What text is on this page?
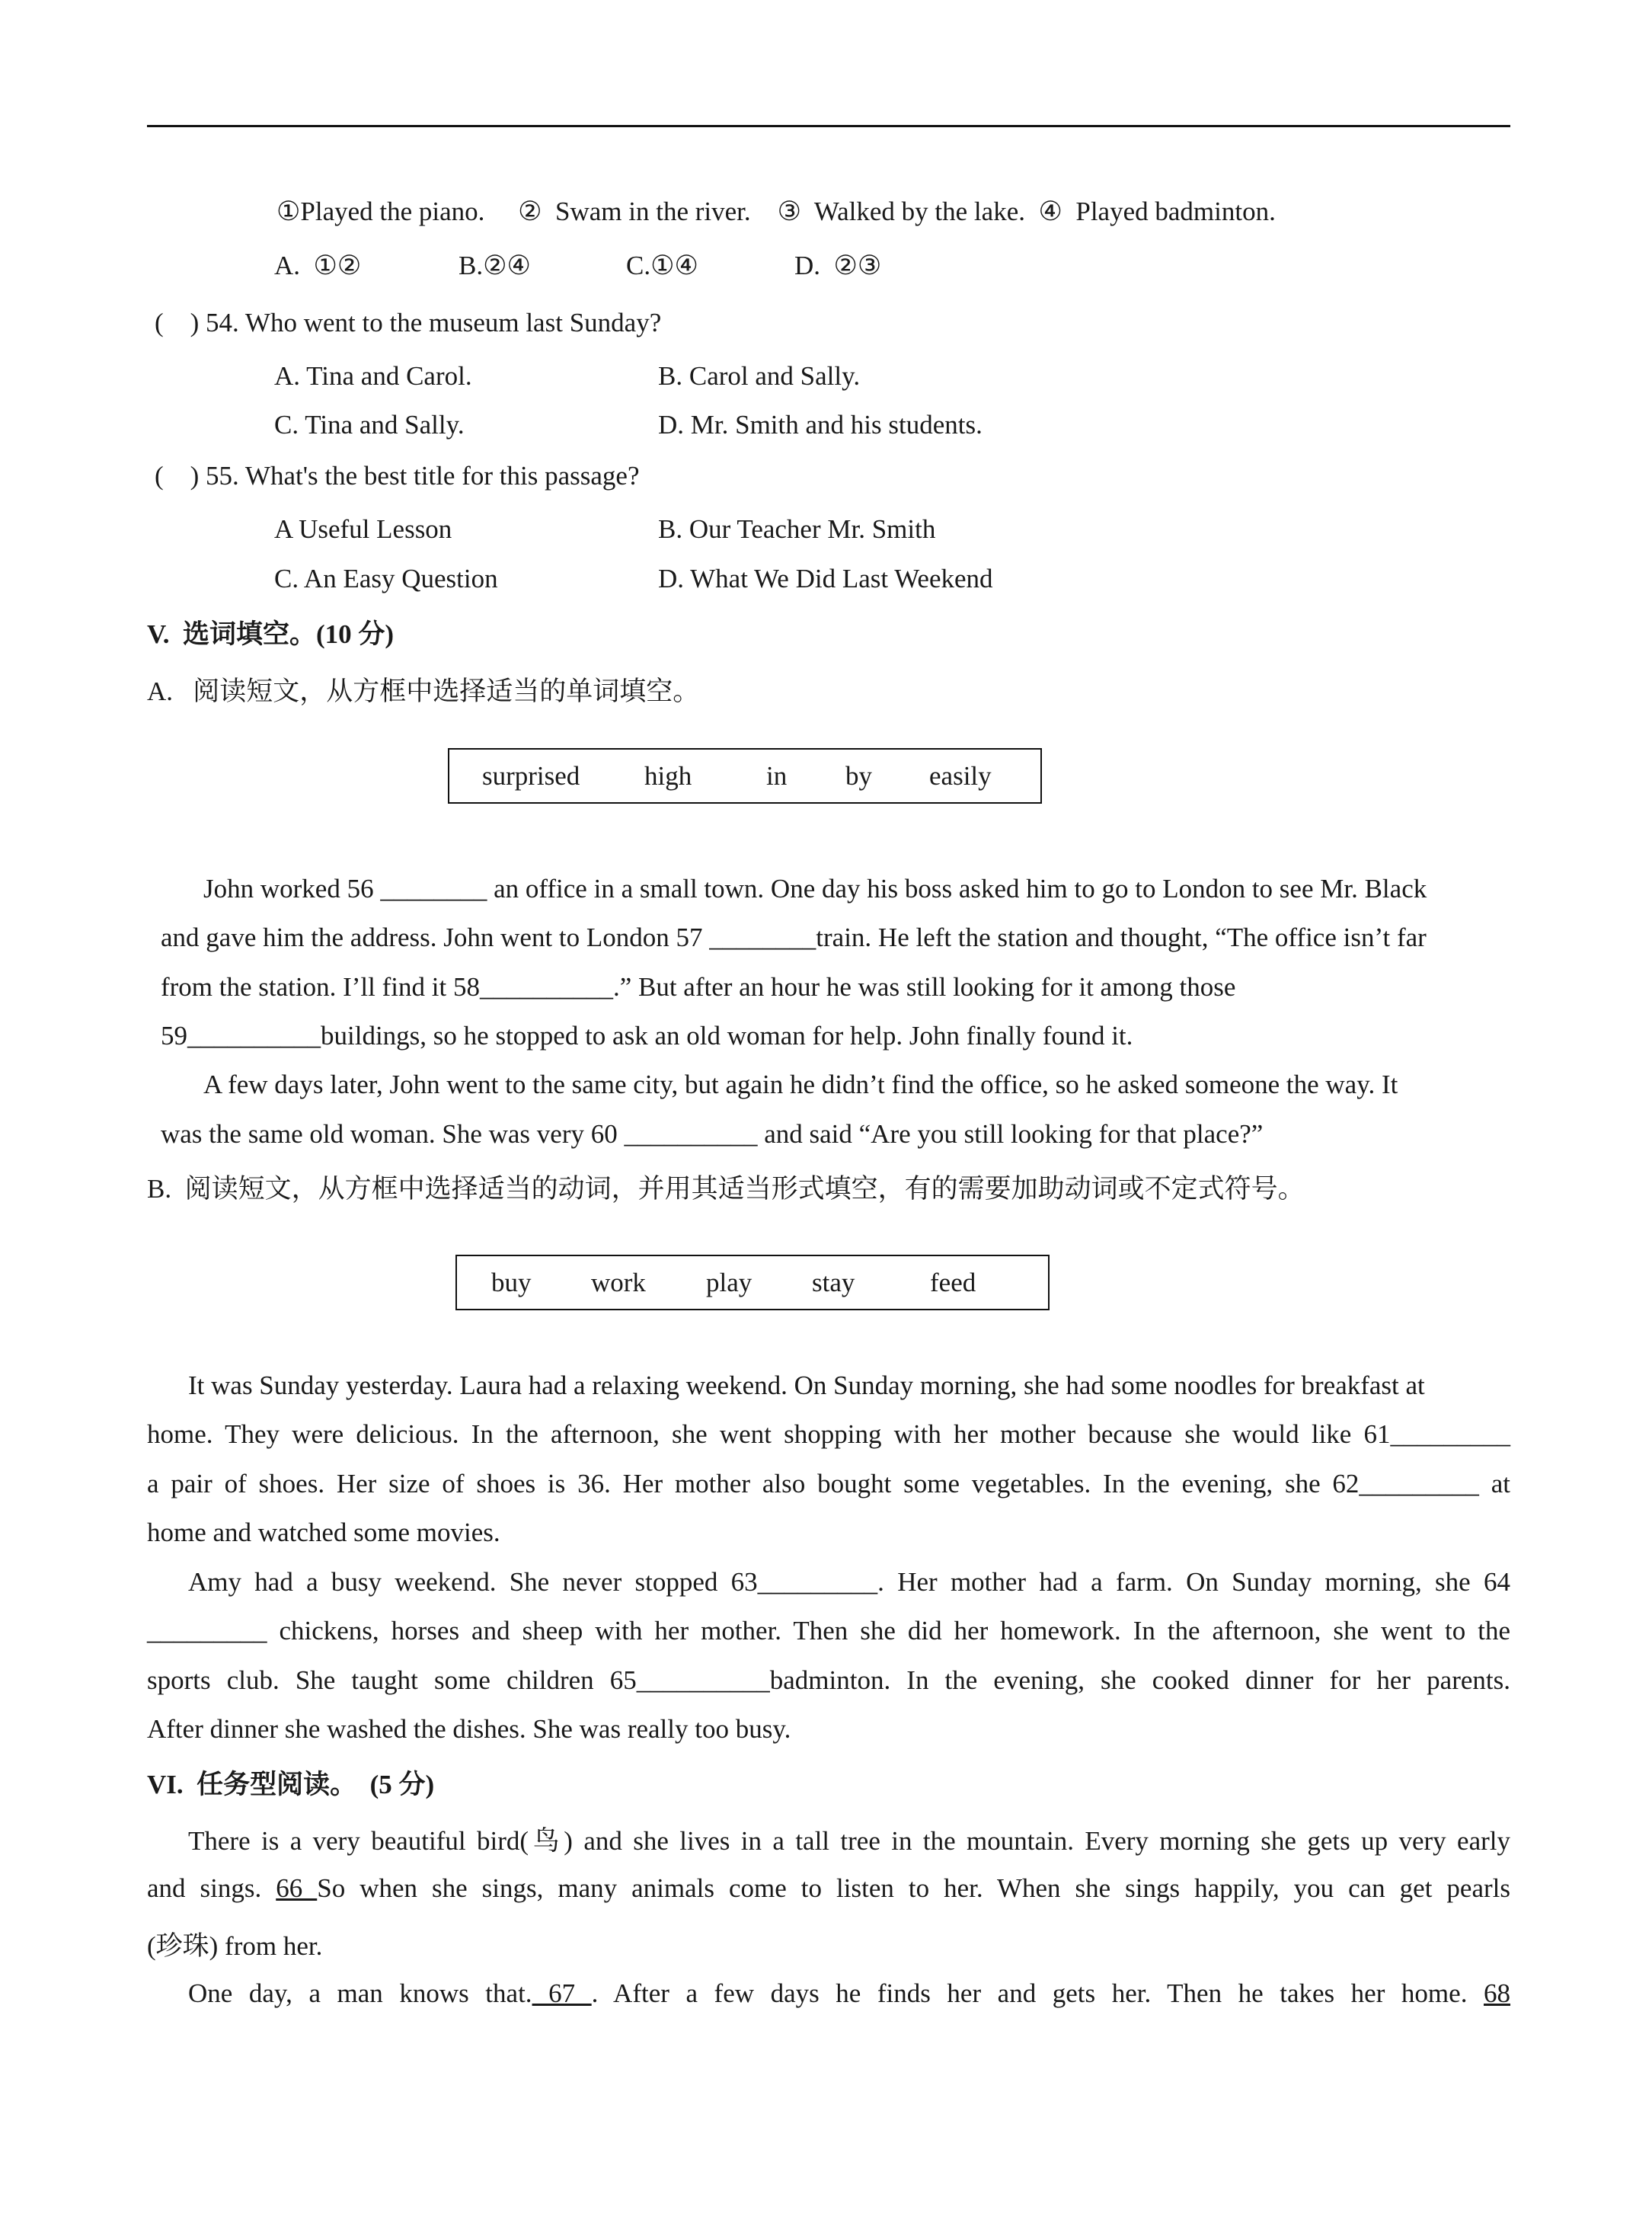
①Played the piano.     ②  Swam in the river.    ③  Walked by the lake.  ④  Played badminton.
A.  ①②	B.②④	C.①④	D.  ②③
(    ) 54. Who went to the museum last Sunday?
A. Tina and Carol.	B. Carol and Sally.
C. Tina and Sally.	D. Mr. Smith and his students.
(    ) 55. What's the best title for this passage?
A Useful Lesson	B. Our Teacher Mr. Smith
C. An Easy Question	D. What We Did Last Weekend
V.  选词填空。(10 分)
A.   阅读短文，从方框中选择适当的单词填空。
surprised high	in by easily
John worked 56 ________ an office in a small town. One day his boss asked him to go to London to see Mr. Black
and gave him the address. John went to London 57 ________train. He left the station and thought, “The office isn’t far
from the station. I’ll find it 58__________.” But after an hour he was still looking for it among those
59__________buildings, so he stopped to ask an old woman for help. John finally found it.
A few days later, John went to the same city, but again he didn’t find the office, so he asked someone the way. It
was the same old woman. She was very 60 __________ and said “Are you still looking for that place?”
B.  阅读短文，从方框中选择适当的动词，并用其适当形式填空，有的需要加助动词或不定式符号。
buy work play stay	feed
It was Sunday yesterday. Laura had a relaxing weekend. On Sunday morning, she had some noodles for breakfast at
home. They were delicious. In the afternoon, she went shopping with her mother because she would like 61_________
a pair of shoes. Her size of shoes is 36. Her mother also bought some vegetables. In the evening, she 62_________ at
home and watched some movies.
Amy had a busy weekend. She never stopped 63_________. Her mother had a farm. On Sunday morning, she 64
_________ chickens, horses and sheep with her mother. Then she did her homework. In the afternoon, she went to the
sports club. She taught some children 65__________badminton. In the evening, she cooked dinner for her parents.
After dinner she washed the dishes. She was really too busy.
VI.  任务型阅读。  (5 分)
There is a very beautiful bird(鸟) and she lives in a tall tree in the mountain. Every morning she gets up very early
and sings. 66 So when she sings, many animals come to listen to her. When she sings happily, you can get pearls
(珍珠) from her.
One day, a man knows that. 67 . After a few days he finds her and gets her. Then he takes her home. 68
